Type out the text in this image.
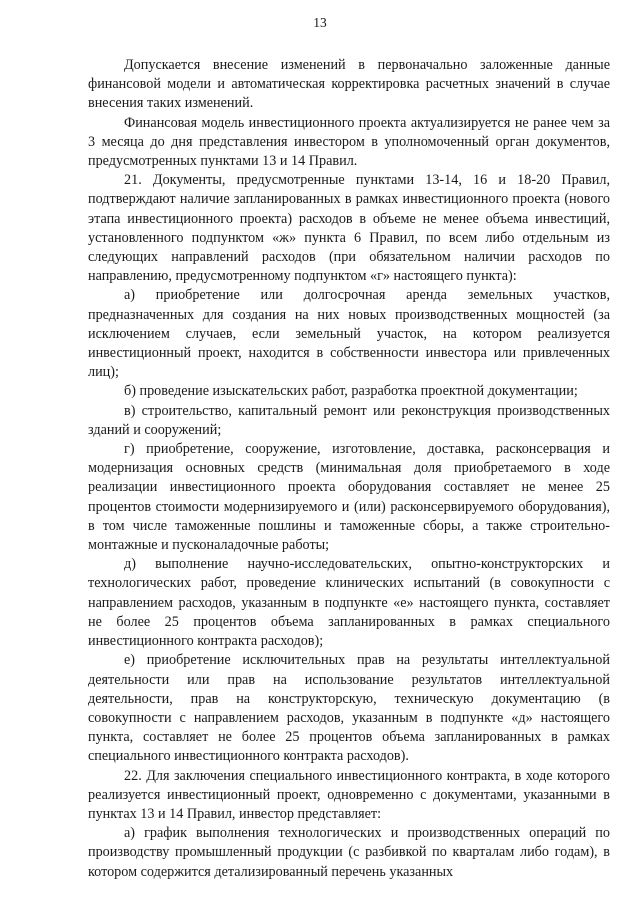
13

Допускается внесение изменений в первоначально заложенные данные финансовой модели и автоматическая корректировка расчетных значений в случае внесения таких изменений.

Финансовая модель инвестиционного проекта актуализируется не ранее чем за 3 месяца до дня представления инвестором в уполномоченный орган документов, предусмотренных пунктами 13 и 14 Правил.

21. Документы, предусмотренные пунктами 13-14, 16 и 18-20 Правил, подтверждают наличие запланированных в рамках инвестиционного проекта (нового этапа инвестиционного проекта) расходов в объеме не менее объема инвестиций, установленного подпунктом «ж» пункта 6 Правил, по всем либо отдельным из следующих направлений расходов (при обязательном наличии расходов по направлению, предусмотренному подпунктом «г» настоящего пункта):

а) приобретение или долгосрочная аренда земельных участков, предназначенных для создания на них новых производственных мощностей (за исключением случаев, если земельный участок, на котором реализуется инвестиционный проект, находится в собственности инвестора или привлеченных лиц);

б) проведение изыскательских работ, разработка проектной документации;

в) строительство, капитальный ремонт или реконструкция производственных зданий и сооружений;

г) приобретение, сооружение, изготовление, доставка, расконсервация и модернизация основных средств (минимальная доля приобретаемого в ходе реализации инвестиционного проекта оборудования составляет не менее 25 процентов стоимости модернизируемого и (или) расконсервируемого оборудования), в том числе таможенные пошлины и таможенные сборы, а также строительно-монтажные и пусконаладочные работы;

д) выполнение научно-исследовательских, опытно-конструкторских и технологических работ, проведение клинических испытаний (в совокупности с направлением расходов, указанным в подпункте «е» настоящего пункта, составляет не более 25 процентов объема запланированных в рамках специального инвестиционного контракта расходов);

е) приобретение исключительных прав на результаты интеллектуальной деятельности или прав на использование результатов интеллектуальной деятельности, прав на конструкторскую, техническую документацию (в совокупности с направлением расходов, указанным в подпункте «д» настоящего пункта, составляет не более 25 процентов объема запланированных в рамках специального инвестиционного контракта расходов).

22. Для заключения специального инвестиционного контракта, в ходе которого реализуется инвестиционный проект, одновременно с документами, указанными в пунктах 13 и 14 Правил, инвестор представляет:

а) график выполнения технологических и производственных операций по производству промышленный продукции (с разбивкой по кварталам либо годам), в котором содержится детализированный перечень указанных
